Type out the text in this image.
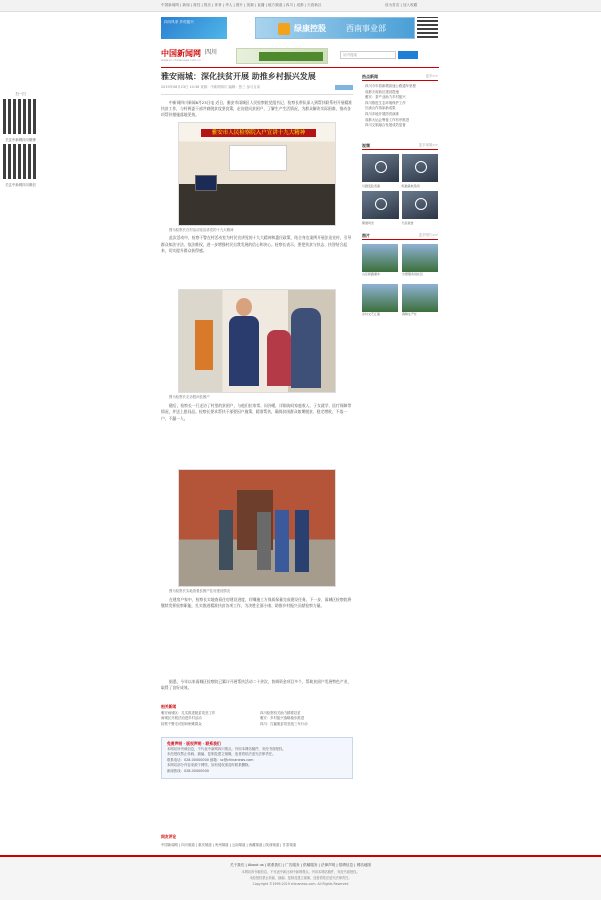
中国新闻网 | 新闻 | 财经 | 娱乐 | 体育 | 华人 | 图片 | 视频 | 直播 | 地方频道 | 四川 | 成都 | 天府新区	设为首页 | 加入收藏
四川风采 乡村振兴
绿康控股	西南事业部
中国新闻网
www.sc.chinanews.com.cn
四川	站内搜索
扫一扫
关注中新网四川微博
关注中新网四川微信
雅安雨城：深化扶贫开展 助推乡村振兴发展
2019年08月23日 10:36 来源：中新网四川 编辑：张三 参与互动
中新网四川新闻8月23日电 近日，雅安市雨城区人民检察院党组书记、检察长带队深入到帮扶联系村开展精准扶贫工作，与村两委干部共商脱贫攻坚良策，走访慰问贫困户，了解生产生活情况，为群众解决实际困难，推动各项帮扶措施落地见效。
雅安市人民检察院入户宣讲十九大精神
图为检察长在村活动室宣讲党的十九大精神
此次活动中，检察干警在村活动室为村民宣讲党的十九大精神和惠民政策，结合身边案例开展法治宣传，引导群众知法守法、依法维权，进一步增强村民自我发展的信心和决心。检察长表示，要把扶贫与扶志、扶智结合起来，切实提升群众获得感。
图为检察长走访慰问贫困户
随后，检察长一行走访了村里的贫困户，与他们拉家常、问冷暖，详细询问家庭收入、子女就学、医疗保障等情况，并送上慰问品。检察长要求帮扶干部要因户施策、精准帮扶，确保贫困群众如期脱贫、稳定增收，不落一户、不漏一人。
图为检察长实地查看贫困户住房建设情况
在建房户家中，检察长实地查看住房建设进度，叮嘱施工方保质保量完成建设任务。下一步，雨城区检察院将继续发挥检察职能，扎实推进精准扶贫各项工作，为决胜全面小康、助推乡村振兴贡献检察力量。
据悉，今年以来雨城区检察院已累计开展帮扶活动二十余次，协调资金项目多个，帮助贫困户发展特色产业，取得了良好成效。
相关新闻
雅安雨城区：扎实推进脱贫攻坚工作	四川检察机关助力精准扶贫
雨城区开展法治进乡村活动	雅安：乡村振兴战略稳步推进
检察干警走访慰问困难群众	四川：打赢脱贫攻坚战三年行动
免责声明 · 版权声明 · 联系我们
本网站所刊载信息，不代表中新网四川观点。刊用本网站稿件，务经书面授权。
未经授权禁止转载、摘编、复制及建立镜像，违者将依法追究法律责任。
联系电话：028-00000000 邮箱：sc@chinanews.com
本网站部分内容来源于网络，如有侵权请及时联系删除。
新闻热线：028-00000000
热点新闻	更多>>
四川今年将新增高速公路通车里程
成都天府新区建设提速
雅安：茶产业助力乡村振兴
四川推进生态环境保护工作
川渝合作再添新成果
四川多地开展防汛演练
成都大运会筹备工作有序推进
四川文旅融合发展成效显著
视频	更多视频>>
川剧变脸表演	熊猫基地见闻
蜀道风光	天府美食
图片	更多图片>>
山区新路通车	志愿服务进社区
乡村文艺汇演	春耕生产忙
网友评论
中国新闻网 | 四川频道 | 重庆频道 | 贵州频道 | 云南频道 | 西藏频道 | 陕西频道 | 甘肃频道
关于我们 | About us | 联系我们 | 广告服务 | 供稿服务 | 法律声明 | 招聘信息 | 网站地图
本网站所刊载信息，不代表中新社和中新网观点。刊用本网站稿件，务经书面授权。
未经授权禁止转载、摘编、复制及建立镜像，违者将依法追究法律责任。
Copyright ©1999-2019 chinanews.com. All Rights Reserved
